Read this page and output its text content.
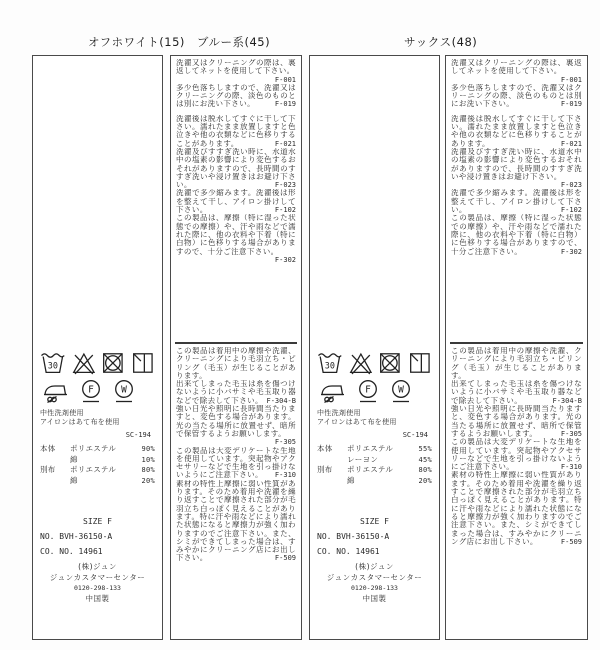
オフホワイト(15)　ブルー系(45)	サックス(48)
30
F	W
中性洗剤使用
アイロンはあて布を使用
SC-194
本体	ポリエステル	90%
綿	10%
別布	ポリエステル	80%
綿	20%
SIZE F
NO. BVH-36150-A
CO. NO. 14961
(株)ジュン
ジュンカスタマーセンター
0120-298-133
中国製

洗濯又はクリーニングの際は、裏返してネットを使用して下さい。
F-001

多少色落ちしますので、洗濯又はクリーニングの際、淡色のものとは別にお洗い下さい。	F-019

洗濯後は脱水してすぐに干して下さい。濡れたまま放置しますと色泣きや他の衣類などに色移りすることがあります。	F-021

洗濯及びすすぎ洗い時に、水道水中の塩素の影響により変色するおそれがありますので、長時間のすすぎ洗いや浸け置きはお避け下さい。	F-023

洗濯で多少縮みます。洗濯後は形を整えて干し、アイロン掛けして下さい。	F-102

この製品は、摩擦（特に湿った状態での摩擦）や、汗や雨などで濡れた際に、他の衣料や下着（特に白物）に色移りする場合がありますので、十分ご注意下さい。
F-302

この製品は着用中の摩擦や洗濯、クリーニングにより毛羽立ち・ピリング（毛玉）が生じることがあります。

出来てしまった毛玉は糸を傷つけないように小バサミや毛玉取り器などで除去して下さい。 F-304-B

強い日光や照明に長時間当たりますと、変色する場合があります。光の当たる場所に放置せず、暗所で保管するようお願いします。
F-305

この製品は大変デリケートな生地を使用しています。突起物やアクセサリーなどで生地を引っ掛けないようにご注意下さい。 F-310

素材の特性上摩擦に弱い性質があります。そのため着用や洗濯を繰り返すことで摩擦された部分が毛羽立ち白っぽく見えることがあります。特に汗や雨などにより濡れた状態になると摩擦力が強く加わりますのでご注意下さい。また、シミができてしまった場合は、すみやかにクリーニング店にお出し下さい。	F-509

30
F	W
中性洗剤使用
アイロンはあて布を使用
SC-194
本体	ポリエステル	55%
レーヨン	45%
別布	ポリエステル	80%
綿	20%
SIZE F
NO. BVH-36150-A
CO. NO. 14961
(株)ジュン
ジュンカスタマーセンター
0120-298-133
中国製

洗濯又はクリーニングの際は、裏返してネットを使用して下さい。
F-001

多少色落ちしますので、洗濯又はクリーニングの際、淡色のものとは別にお洗い下さい。	F-019

洗濯後は脱水してすぐに干して下さい。濡れたまま放置しますと色泣きや他の衣類などに色移りすることがあります。	F-021

洗濯及びすすぎ洗い時に、水道水中の塩素の影響により変色するおそれがありますので、長時間のすすぎ洗いや浸け置きはお避け下さい。
F-023

洗濯で多少縮みます。洗濯後は形を整えて干し、アイロン掛けして下さい。	F-102

この製品は、摩擦（特に湿った状態での摩擦）や、汗や雨などで濡れた際に、他の衣料や下着（特に白物）に色移りする場合がありますので、十分ご注意下さい。	F-302

この製品は着用中の摩擦や洗濯、クリーニングにより毛羽立ち・ピリング（毛玉）が生じることがあります。

出来てしまった毛玉は糸を傷つけないように小バサミや毛玉取り器などで除去して下さい。	F-304-B

強い日光や照明に長時間当たりますと、変色する場合があります。光の当たる場所に放置せず、暗所で保管するようお願いします。	F-305

この製品は大変デリケートな生地を使用しています。突起物やアクセサリーなどで生地を引っ掛けないようにご注意下さい。	F-310

素材の特性上摩擦に弱い性質があります。そのため着用や洗濯を繰り返すことで摩擦された部分が毛羽立ち白っぽく見えることがあります。特に汗や雨などにより濡れた状態になると摩擦力が強く加わりますのでご注意下さい。また、シミができてしまった場合は、すみやかにクリーニング店にお出し下さい。	F-509
